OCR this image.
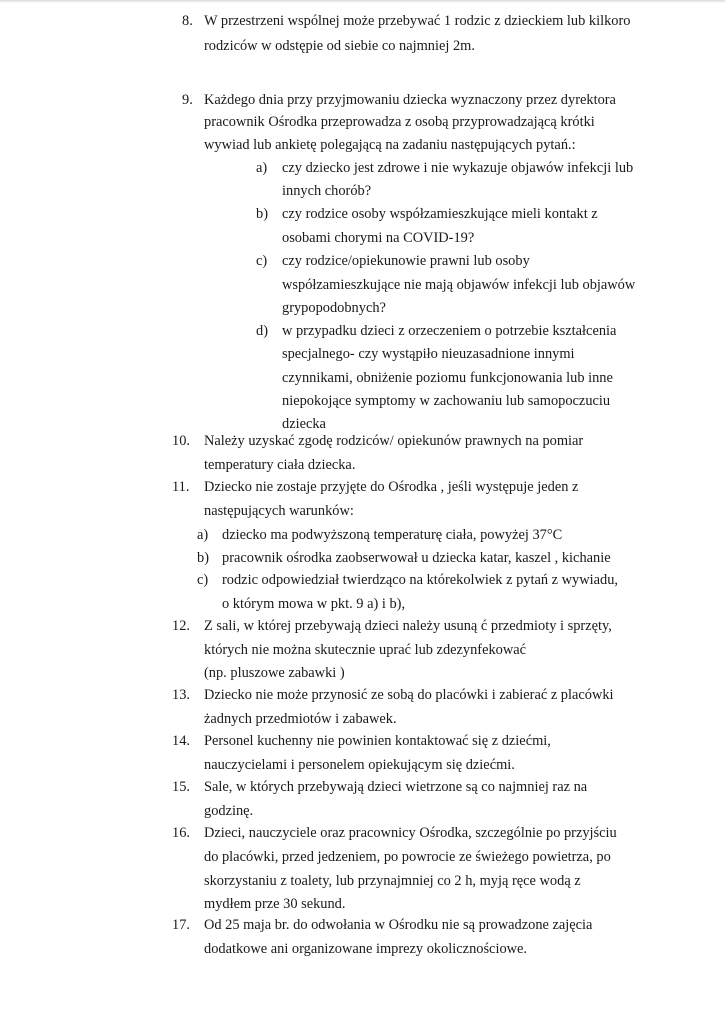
8. W przestrzeni wspólnej może przebywać 1 rodzic z dzieckiem lub kilkoro
rodziców w odstępie od siebie co najmniej 2m.
9. Każdego dnia przy przyjmowaniu dziecka wyznaczony przez dyrektora
pracownik Ośrodka przeprowadza z osobą przyprowadzającą krótki
wywiad lub ankietę polegającą na zadaniu następujących pytań.:
a) czy dziecko jest zdrowe i nie wykazuje objawów infekcji lub
innych chorób?
b) czy rodzice osoby współzamieszkujące mieli kontakt z
osobami chorymi na COVID-19?
c) czy rodzice/opiekunowie prawni lub osoby
współzamieszkujące nie mają objawów infekcji lub objawów
grypopodobnych?
d) w przypadku dzieci z orzeczeniem o potrzebie kształcenia
specjalnego- czy wystąpiło nieuzasadnione innymi
czynnikami, obniżenie poziomu funkcjonowania lub inne
niepokojące symptomy w zachowaniu lub samopoczuciu
dziecka
10. Należy uzyskać zgodę rodziców/ opiekunów prawnych na pomiar
temperatury ciała dziecka.
11. Dziecko nie zostaje przyjęte do Ośrodka , jeśli występuje jeden z
następujących warunków:
a) dziecko ma podwyższoną temperaturę ciała, powyżej 37°C
b) pracownik ośrodka zaobserwował u dziecka katar, kaszel , kichanie
c) rodzic odpowiedział twierdząco na którekolwiek z pytań z wywiadu,
o którym mowa w pkt. 9 a) i b),
12. Z sali, w której przebywają dzieci należy usuną ć przedmioty i sprzęty,
których nie można skutecznie uprać lub zdezynfekować
(np. pluszowe zabawki )
13. Dziecko nie może przynosić ze sobą do placówki i zabierać z placówki
żadnych przedmiotów i zabawek.
14. Personel kuchenny nie powinien kontaktować się z dziećmi,
nauczycielami i personelem opiekującym się dziećmi.
15. Sale, w których przebywają dzieci wietrzone są co najmniej raz na
godzinę.
16. Dzieci, nauczyciele oraz pracownicy Ośrodka, szczególnie po przyjściu
do placówki, przed jedzeniem, po powrocie ze świeżego powietrza, po
skorzystaniu z toalety, lub przynajmniej co 2 h, myją ręce wodą z
mydłem prze 30 sekund.
17. Od 25 maja br. do odwołania w Ośrodku nie są prowadzone zajęcia
dodatkowe ani organizowane imprezy okolicznościowe.
